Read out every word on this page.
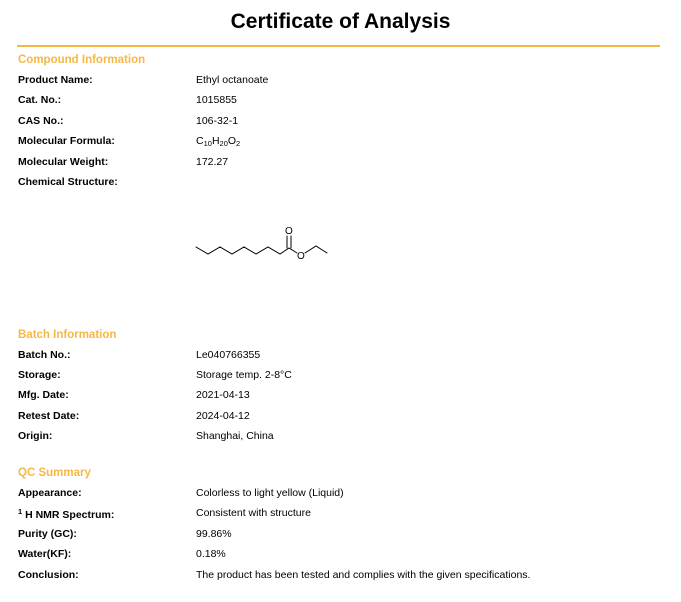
Certificate of Analysis
Compound Information
Product Name:	Ethyl octanoate
Cat. No.:	1015855
CAS No.:	106-32-1
Molecular Formula:	$C_{10}H_{20}O_2$
Molecular Weight:	172.27
Chemical Structure:
O
O
Batch Information
Batch No.:	Le040766355
Storage:	Storage temp. 2-8°C
Mfg. Date:	2021-04-13
Retest Date:	2024-04-12
Origin:	Shanghai, China
QC Summary
Appearance:	Colorless to light yellow (Liquid)
$^1$ H NMR Spectrum:	Consistent with structure
Purity (GC):	99.86%
Water(KF):	0.18%
Conclusion:	The product has been tested and complies with the given specifications.
